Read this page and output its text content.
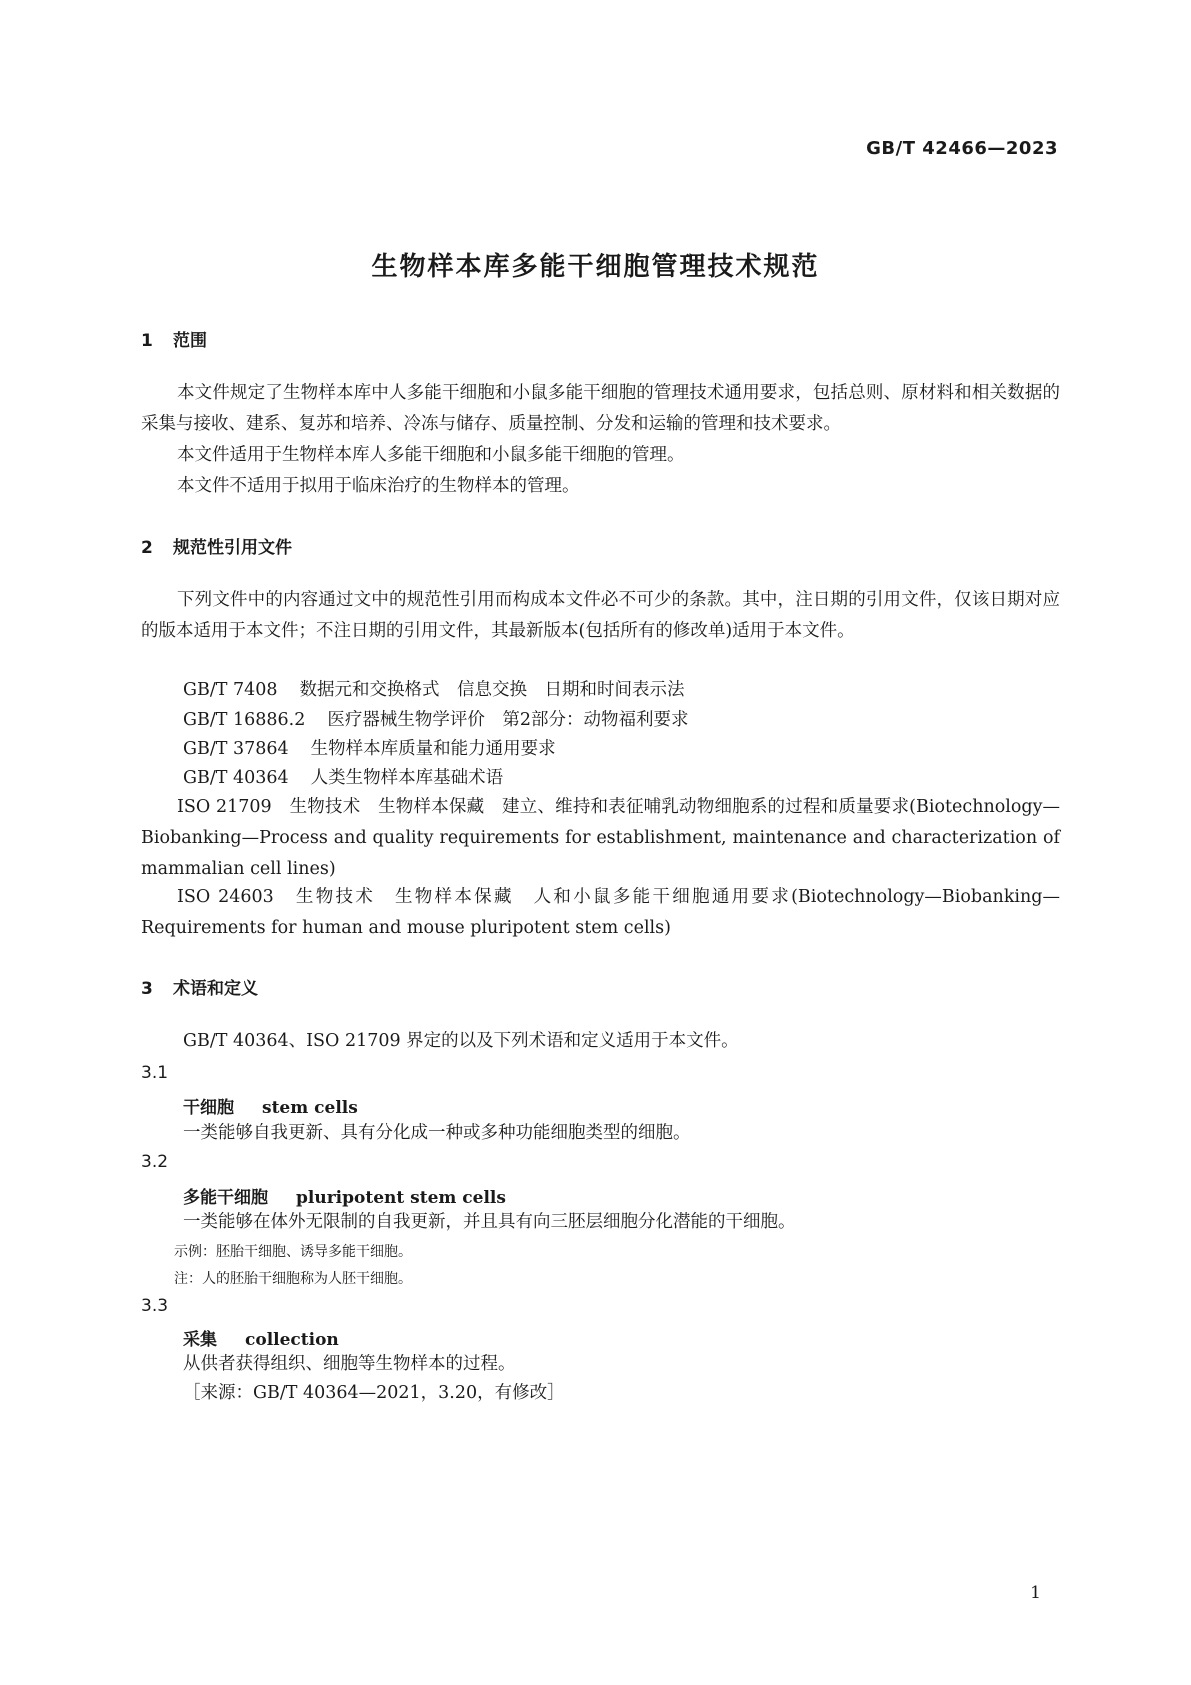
GB/T 42466—2023
生物样本库多能干细胞管理技术规范
1 范围
本文件规定了生物样本库中人多能干细胞和小鼠多能干细胞的管理技术通用要求，包括总则、原材料和相关数据的采集与接收、建系、复苏和培养、冷冻与储存、质量控制、分发和运输的管理和技术要求。
本文件适用于生物样本库人多能干细胞和小鼠多能干细胞的管理。
本文件不适用于拟用于临床治疗的生物样本的管理。
2 规范性引用文件
下列文件中的内容通过文中的规范性引用而构成本文件必不可少的条款。其中，注日期的引用文件，仅该日期对应的版本适用于本文件；不注日期的引用文件，其最新版本(包括所有的修改单)适用于本文件。
GB/T 7408 数据元和交换格式　信息交换　日期和时间表示法
GB/T 16886.2 医疗器械生物学评价　第2部分：动物福利要求
GB/T 37864 生物样本库质量和能力通用要求
GB/T 40364 人类生物样本库基础术语
ISO 21709　生物技术　生物样本保藏　建立、维持和表征哺乳动物细胞系的过程和质量要求(Biotechnology—Biobanking—Process and quality requirements for establishment, maintenance and characterization of mammalian cell lines)
ISO 24603　生物技术　生物样本保藏　人和小鼠多能干细胞通用要求(Biotechnology—Biobanking—Requirements for human and mouse pluripotent stem cells)
3 术语和定义
GB/T 40364、ISO 21709 界定的以及下列术语和定义适用于本文件。
3.1
干细胞 stem cells
一类能够自我更新、具有分化成一种或多种功能细胞类型的细胞。
3.2
多能干细胞 pluripotent stem cells
一类能够在体外无限制的自我更新，并且具有向三胚层细胞分化潜能的干细胞。
示例：胚胎干细胞、诱导多能干细胞。
注：人的胚胎干细胞称为人胚干细胞。
3.3
采集 collection
从供者获得组织、细胞等生物样本的过程。
［来源：GB/T 40364—2021，3.20，有修改］
1
